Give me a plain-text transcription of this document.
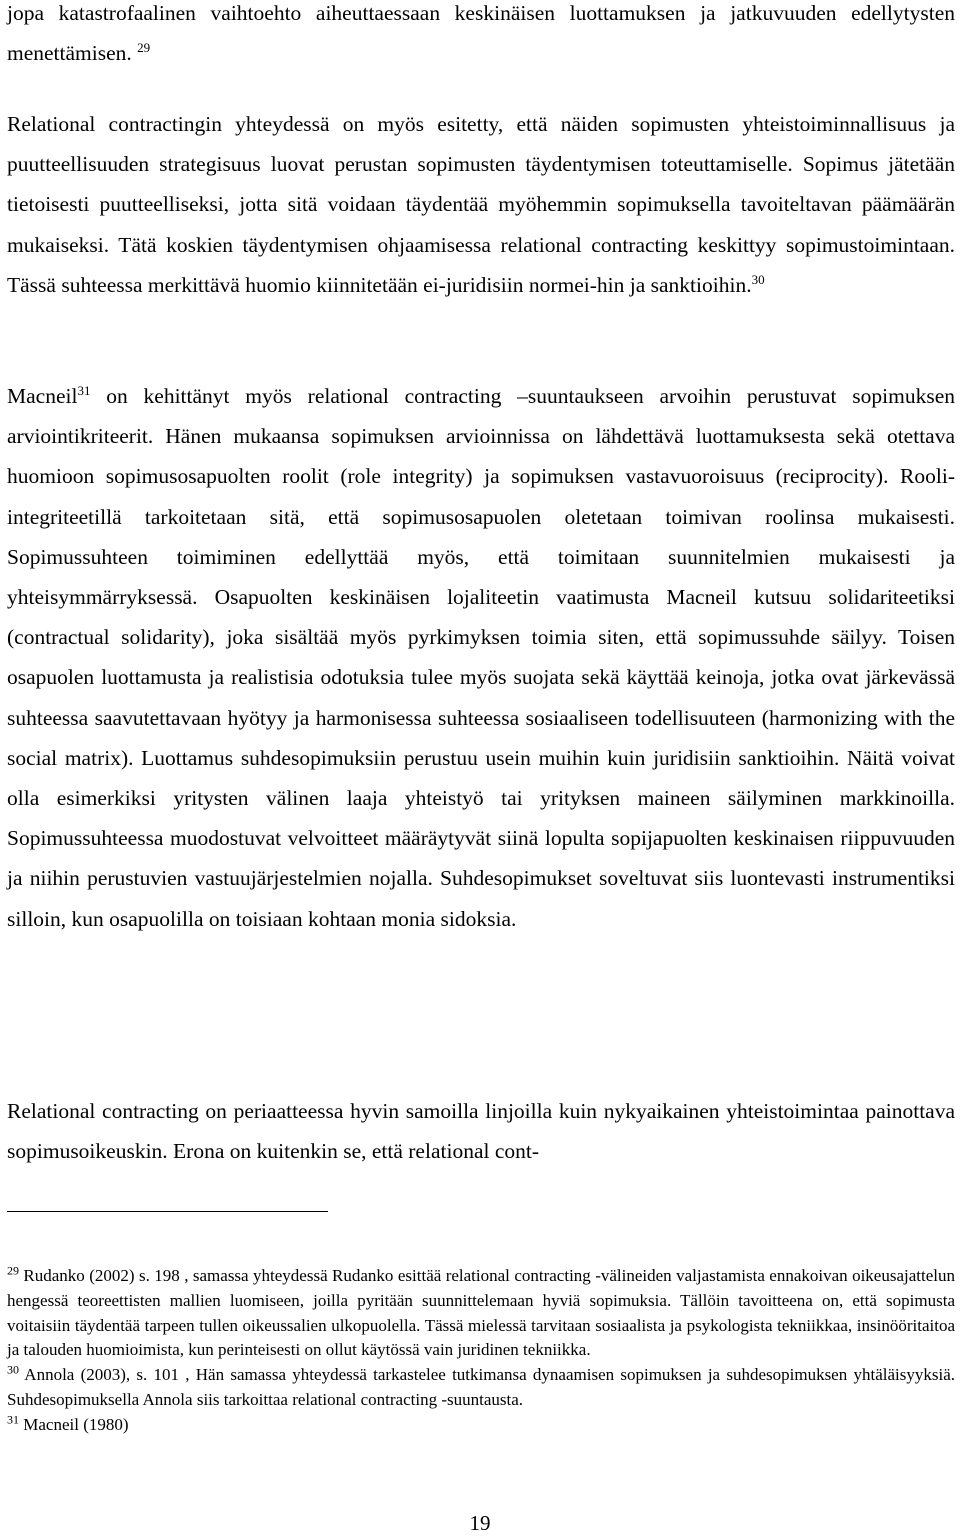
jopa katastrofaalinen vaihtoehto aiheuttaessaan keskinäisen luottamuksen ja jatkuvuuden edellytysten menettämisen. $^{29}$

Relational contractingin yhteydessä on myös esitetty, että näiden sopimusten yhteistoiminnallisuus ja puutteellisuuden strategisuus luovat perustan sopimusten täydentymisen toteuttamiselle. Sopimus jätetään tietoisesti puutteelliseksi, jotta sitä voidaan täydentää myöhemmin sopimuksella tavoiteltavan päämäärän mukaiseksi. Tätä koskien täydentymisen ohjaamisessa relational contracting keskittyy sopimustoimintaan. Tässä suhteessa merkittävä huomio kiinnitetään ei-juridisiin normei-hin ja sanktioihin.$^{30}$

Macneil$^{31}$ on kehittänyt myös relational contracting –suuntaukseen arvoihin perustuvat sopimuksen arviointikriteerit. Hänen mukaansa sopimuksen arvioinnissa on lähdettävä luottamuksesta sekä otettava huomioon sopimusosapuolten roolit (role integrity) ja sopimuksen vastavuoroisuus (reciprocity). Rooli-integriteetillä tarkoitetaan sitä, että sopimusosapuolen oletetaan toimivan roolinsa mukaisesti. Sopimussuhteen toimiminen edellyttää myös, että toimitaan suunnitelmien mukaisesti ja yhteisymmärryksessä. Osapuolten keskinäisen lojaliteetin vaatimusta Macneil kutsuu solidariteetiksi (contractual solidarity), joka sisältää myös pyrkimyksen toimia siten, että sopimussuhde säilyy. Toisen osapuolen luottamusta ja realistisia odotuksia tulee myös suojata sekä käyttää keinoja, jotka ovat järkevässä suhteessa saavutettavaan hyötyy ja harmonisessa suhteessa sosiaaliseen todellisuuteen (harmonizing with the social matrix). Luottamus suhdesopimuksiin perustuu usein muihin kuin juridisiin sanktioihin. Näitä voivat olla esimerkiksi yritysten välinen laaja yhteistyö tai yrityksen maineen säilyminen markkinoilla. Sopimussuhteessa muodostuvat velvoitteet määräytyvät siinä lopulta sopijapuolten keskinaisen riippuvuuden ja niihin perustuvien vastuujärjestelmien nojalla. Suhdesopimukset soveltuvat siis luontevasti instrumentiksi silloin, kun osapuolilla on toisiaan kohtaan monia sidoksia.

Relational contracting on periaatteessa hyvin samoilla linjoilla kuin nykyaikainen yhteistoimintaa painottava sopimusoikeuskin. Erona on kuitenkin se, että relational cont-

$^{29}$ Rudanko (2002) s. 198 , samassa yhteydessä Rudanko esittää relational contracting -välineiden valjastamista ennakoivan oikeusajattelun hengessä teoreettisten mallien luomiseen, joilla pyritään suunnittelemaan hyviä sopimuksia. Tällöin tavoitteena on, että sopimusta voitaisiin täydentää tarpeen tullen oikeussalien ulkopuolella. Tässä mielessä tarvitaan sosiaalista ja psykologista tekniikkaa, insinööritaitoa ja talouden huomioimista, kun perinteisesti on ollut käytössä vain juridinen tekniikka.

$^{30}$ Annola (2003), s. 101 , Hän samassa yhteydessä tarkastelee tutkimansa dynaamisen sopimuksen ja suhdesopimuksen yhtäläisyyksiä. Suhdesopimuksella Annola siis tarkoittaa relational contracting -suuntausta.

$^{31}$ Macneil (1980)

19
